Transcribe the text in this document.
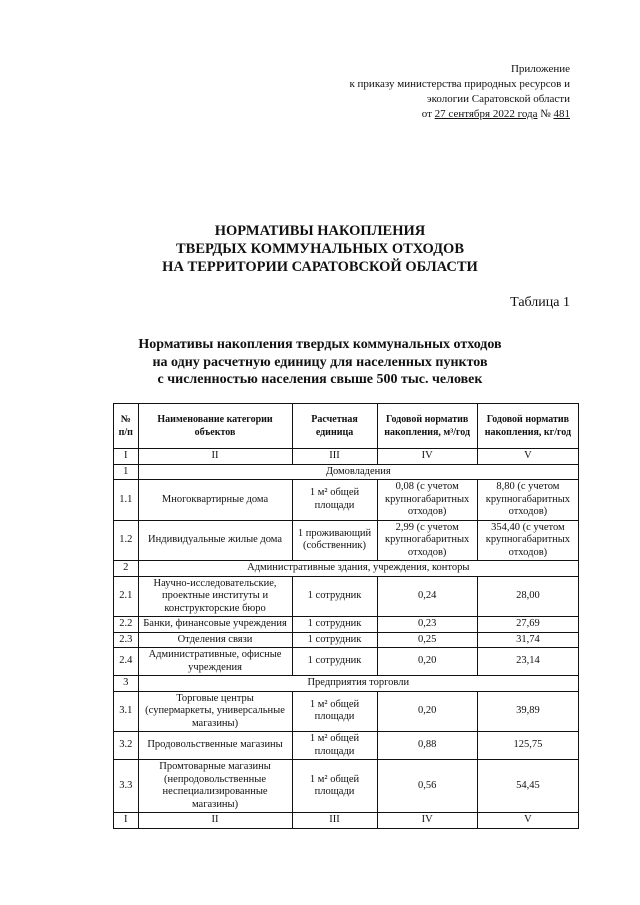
Приложение
к приказу министерства природных ресурсов и
экологии Саратовской области
от 27 сентября 2022 года № 481
НОРМАТИВЫ НАКОПЛЕНИЯ
ТВЕРДЫХ КОММУНАЛЬНЫХ ОТХОДОВ
НА ТЕРРИТОРИИ САРАТОВСКОЙ ОБЛАСТИ
Таблица 1
Нормативы накопления твердых коммунальных отходов
на одну расчетную единицу для населенных пунктов
с численностью населения свыше 500 тыс. человек
№ п/п	Наименование категории объектов	Расчетная единица	Годовой норматив накопления, м³/год	Годовой норматив накопления, кг/год
I	II	III	IV	V
1	Домовладения			
1.1	Многоквартирные дома	1 м² общей площади	0,08 (с учетом крупногабаритных отходов)	8,80 (с учетом крупногабаритных отходов)
1.2	Индивидуальные жилые дома	1 проживающий (собственник)	2,99 (с учетом крупногабаритных отходов)	354,40 (с учетом крупногабаритных отходов)
2	Административные здания, учреждения, конторы			
2.1	Научно-исследовательские, проектные институты и конструкторские бюро	1 сотрудник	0,24	28,00
2.2	Банки, финансовые учреждения	1 сотрудник	0,23	27,69
2.3	Отделения связи	1 сотрудник	0,25	31,74
2.4	Административные, офисные учреждения	1 сотрудник	0,20	23,14
3	Предприятия торговли			
3.1	Торговые центры (супермаркеты, универсальные магазины)	1 м² общей площади	0,20	39,89
3.2	Продовольственные магазины	1 м² общей площади	0,88	125,75
3.3	Промтоварные магазины (непродовольственные неспециализированные магазины)	1 м² общей площади	0,56	54,45
I	II	III	IV	V
